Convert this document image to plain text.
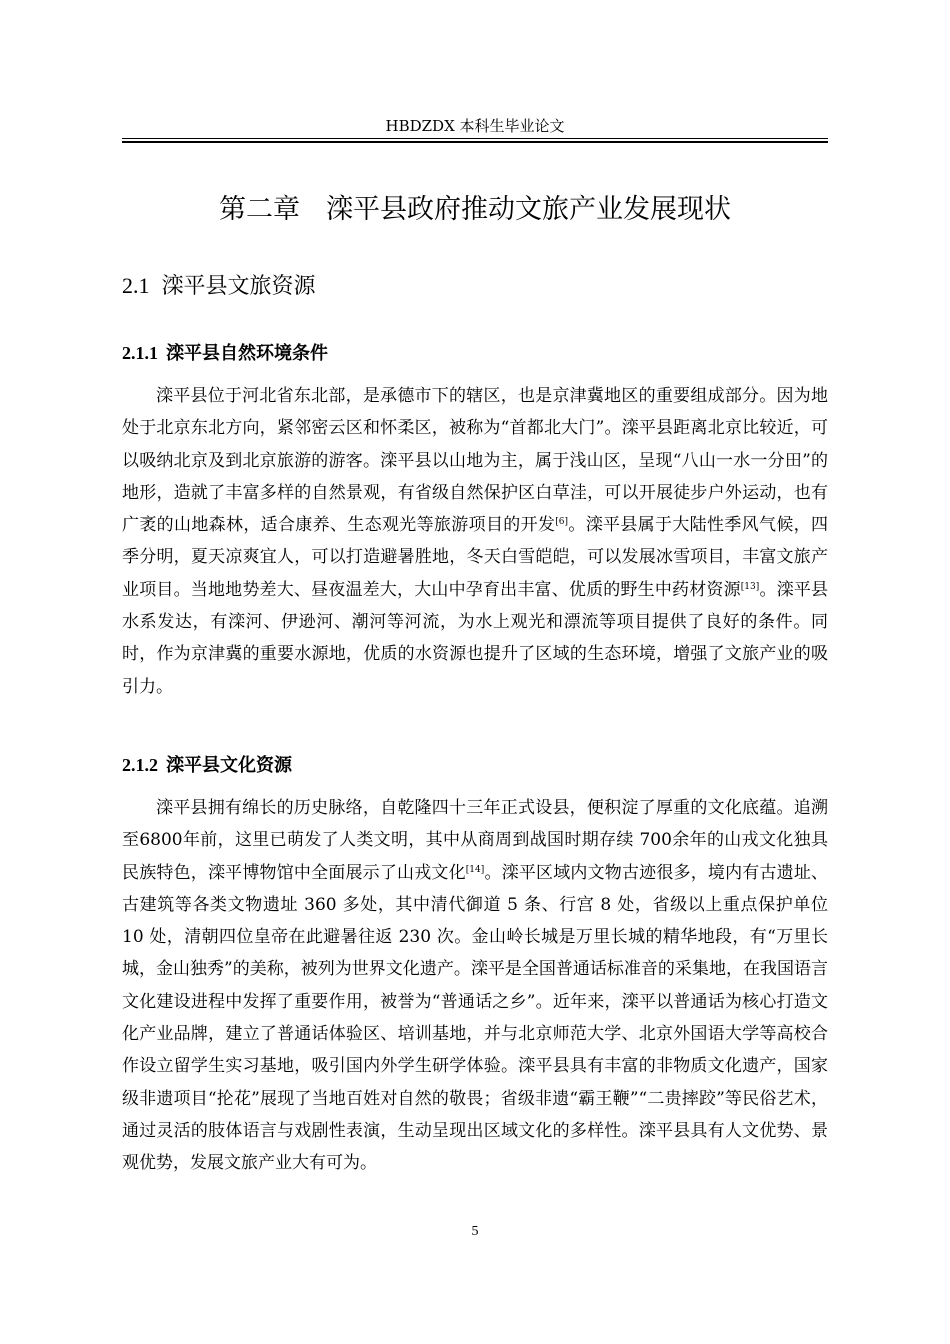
HBDZDX 本科生毕业论文
第二章 滦平县政府推动文旅产业发展现状
2.1 滦平县文旅资源
2.1.1 滦平县自然环境条件
滦平县位于河北省东北部，是承德市下的辖区，也是京津冀地区的重要组成部分。因为地处于北京东北方向，紧邻密云区和怀柔区，被称为“首都北大门”。滦平县距离北京比较近，可以吸纳北京及到北京旅游的游客。滦平县以山地为主，属于浅山区，呈现“八山一水一分田”的地形，造就了丰富多样的自然景观，有省级自然保护区白草洼，可以开展徒步户外运动，也有广袤的山地森林，适合康养、生态观光等旅游项目的开发[6]。滦平县属于大陆性季风气候，四季分明，夏天凉爽宜人，可以打造避暑胜地，冬天白雪皑皑，可以发展冰雪项目，丰富文旅产业项目。当地地势差大、昼夜温差大，大山中孕育出丰富、优质的野生中药材资源[13]。滦平县水系发达，有滦河、伊逊河、潮河等河流，为水上观光和漂流等项目提供了良好的条件。同时，作为京津冀的重要水源地，优质的水资源也提升了区域的生态环境，增强了文旅产业的吸引力。
2.1.2 滦平县文化资源
滦平县拥有绵长的历史脉络，自乾隆四十三年正式设县，便积淀了厚重的文化底蕴。追溯至6800年前，这里已萌发了人类文明，其中从商周到战国时期存续 700余年的山戎文化独具民族特色，滦平博物馆中全面展示了山戎文化[14]。滦平区域内文物古迹很多，境内有古遗址、古建筑等各类文物遗址 360 多处，其中清代御道 5 条、行宫 8 处，省级以上重点保护单位 10 处，清朝四位皇帝在此避暑往返 230 次。金山岭长城是万里长城的精华地段，有“万里长城，金山独秀”的美称，被列为世界文化遗产。滦平是全国普通话标准音的采集地，在我国语言文化建设进程中发挥了重要作用，被誉为“普通话之乡”。近年来，滦平以普通话为核心打造文化产业品牌，建立了普通话体验区、培训基地，并与北京师范大学、北京外国语大学等高校合作设立留学生实习基地，吸引国内外学生研学体验。滦平县具有丰富的非物质文化遗产，国家级非遗项目“抡花”展现了当地百姓对自然的敬畏；省级非遗“霸王鞭”“二贵摔跤”等民俗艺术，通过灵活的肢体语言与戏剧性表演，生动呈现出区域文化的多样性。滦平县具有人文优势、景观优势，发展文旅产业大有可为。
5
